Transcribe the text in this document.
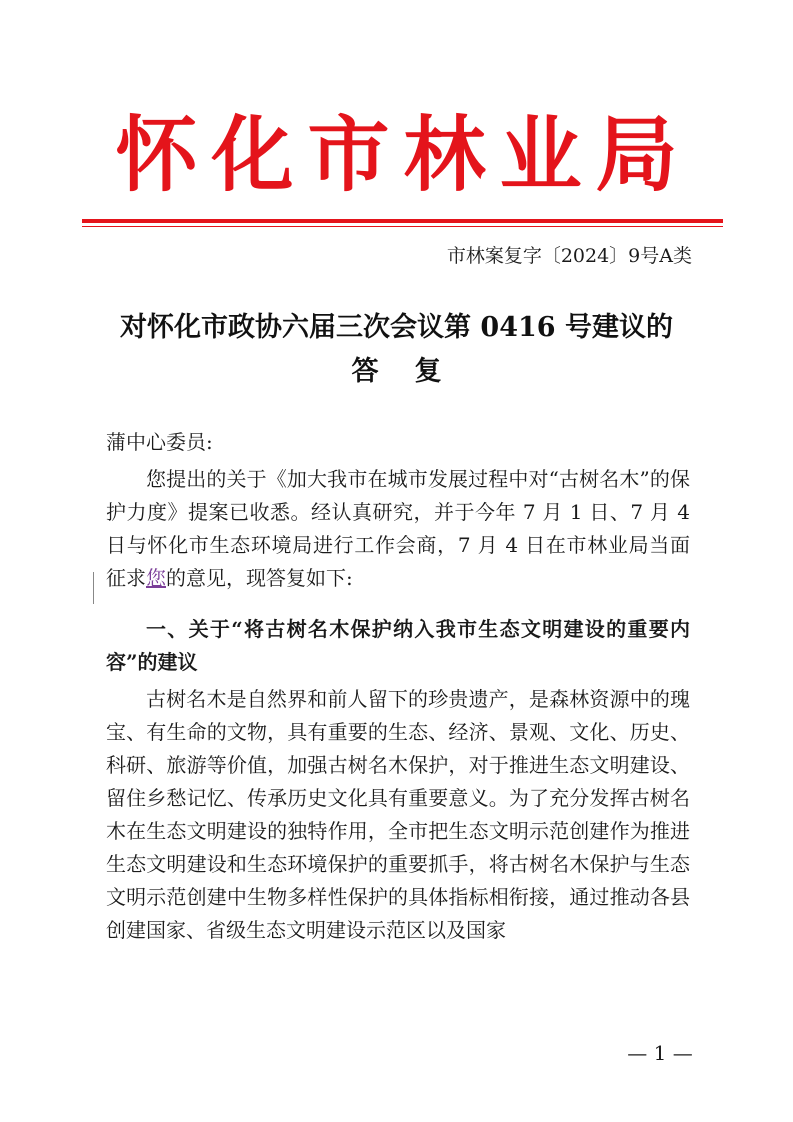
怀化市林业局
市林案复字〔2024〕9号A类
对怀化市政协六届三次会议第 0416 号建议的
答复
蒲中心委员:
您提出的关于《加大我市在城市发展过程中对“古树名木”的保护力度》提案已收悉。经认真研究，并于今年 7 月 1 日、7 月 4 日与怀化市生态环境局进行工作会商，7 月 4 日在市林业局当面征求您的意见，现答复如下:
一、关于“将古树名木保护纳入我市生态文明建设的重要内容”的建议
古树名木是自然界和前人留下的珍贵遗产，是森林资源中的瑰宝、有生命的文物，具有重要的生态、经济、景观、文化、历史、科研、旅游等价值，加强古树名木保护，对于推进生态文明建设、留住乡愁记忆、传承历史文化具有重要意义。为了充分发挥古树名木在生态文明建设的独特作用，全市把生态文明示范创建作为推进生态文明建设和生态环境保护的重要抓手，将古树名木保护与生态文明示范创建中生物多样性保护的具体指标相衔接，通过推动各县创建国家、省级生态文明建设示范区以及国家
— 1 —
